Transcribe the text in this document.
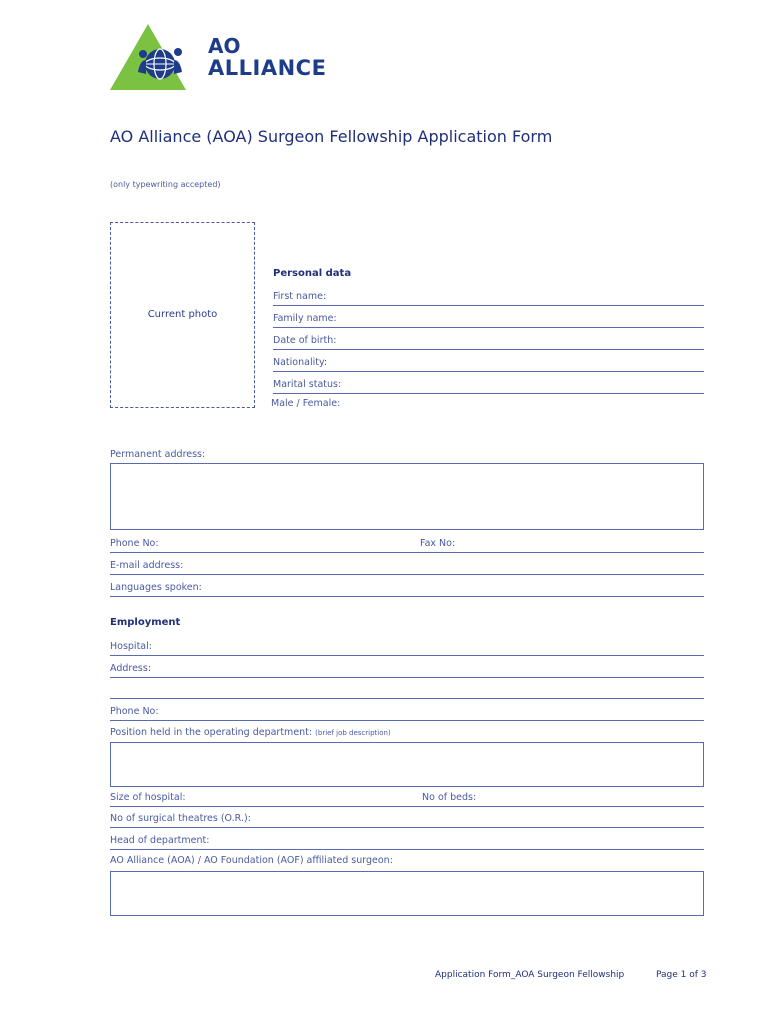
AO
ALLIANCE
AO Alliance (AOA) Surgeon Fellowship Application Form
(only typewriting accepted)
Current photo
Personal data
First name:
Family name:
Date of birth:
Nationality:
Marital status:
Male / Female:
Permanent address:
Phone No:	Fax No:
E-mail address:
Languages spoken:
Employment
Hospital:
Address:
Phone No:
Position held in the operating department: (brief job description)
Size of hospital:	No of beds:
No of surgical theatres (O.R.):
Head of department:
AO Alliance (AOA) / AO Foundation (AOF) affiliated surgeon:
Application Form_AOA Surgeon Fellowship	Page 1 of 3
